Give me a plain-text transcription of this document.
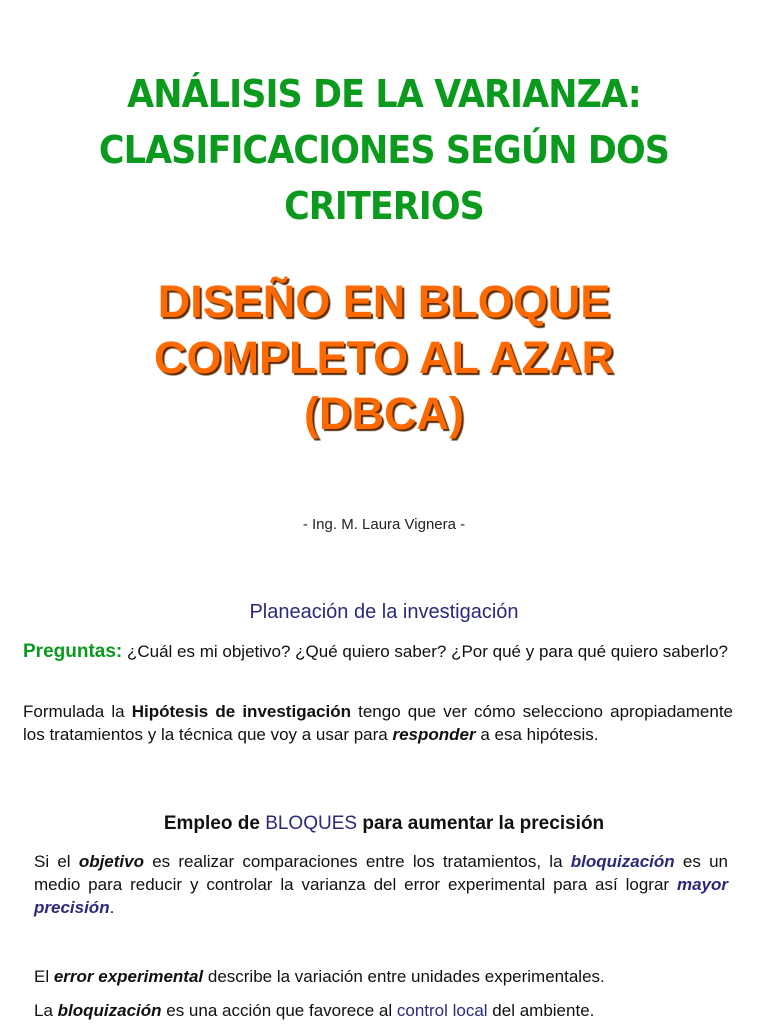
ANÁLISIS DE LA VARIANZA:
CLASIFICACIONES SEGÚN DOS
CRITERIOS
DISEÑO EN BLOQUE
COMPLETO AL AZAR
(DBCA)
- Ing. M. Laura Vignera -
Planeación de la investigación
Preguntas: ¿Cuál es mi objetivo? ¿Qué quiero saber? ¿Por qué y para qué quiero saberlo?
Formulada la Hipótesis de investigación tengo que ver cómo selecciono apropiadamente los tratamientos y la técnica que voy a usar para responder a esa hipótesis.
Empleo de BLOQUES para aumentar la precisión
Si el objetivo es realizar comparaciones entre los tratamientos, la bloquización es un medio para reducir y controlar la varianza del error experimental para así lograr mayor precisión.
El error experimental describe la variación entre unidades experimentales.
La bloquización es una acción que favorece al control local del ambiente.
